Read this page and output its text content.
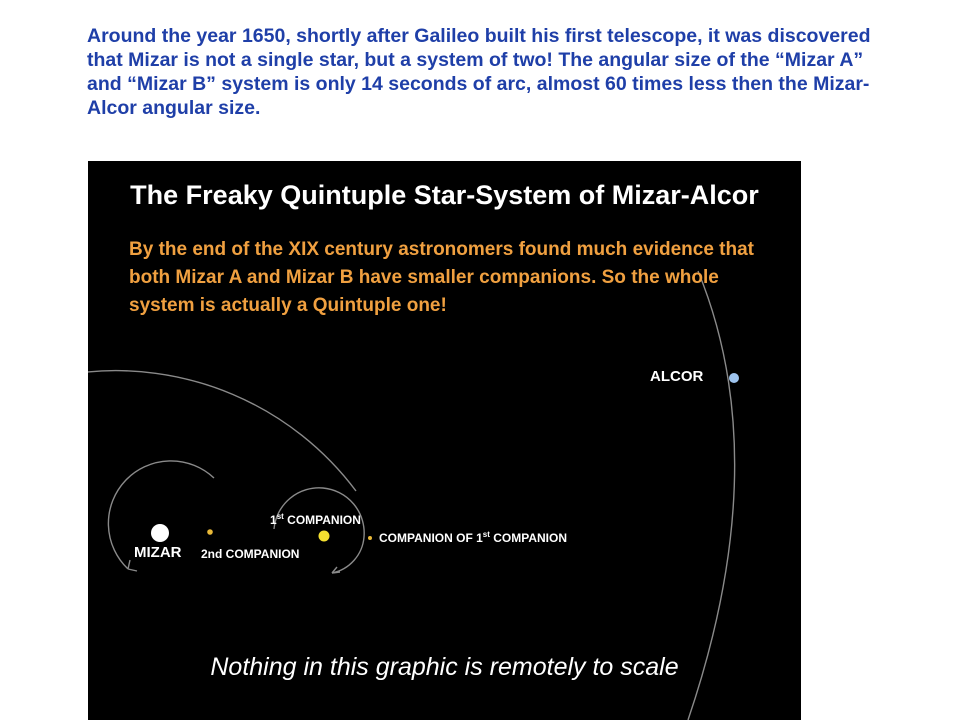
Around the year 1650, shortly after Galileo built his first telescope, it was discovered that Mizar is not a single star, but a system of two! The angular size of the “Mizar A” and “Mizar B” system is only 14 seconds of arc, almost 60 times less then the Mizar-Alcor angular size.

The Freaky Quintuple Star-System of Mizar-Alcor

By the end of the XIX century astronomers found much evidence that both Mizar A and Mizar B have smaller companions. So the whole system is actually a Quintuple one!

ALCOR
MIZAR 2nd COMPANION
1st COMPANION
COMPANION OF 1st COMPANION
Nothing in this graphic is remotely to scale
